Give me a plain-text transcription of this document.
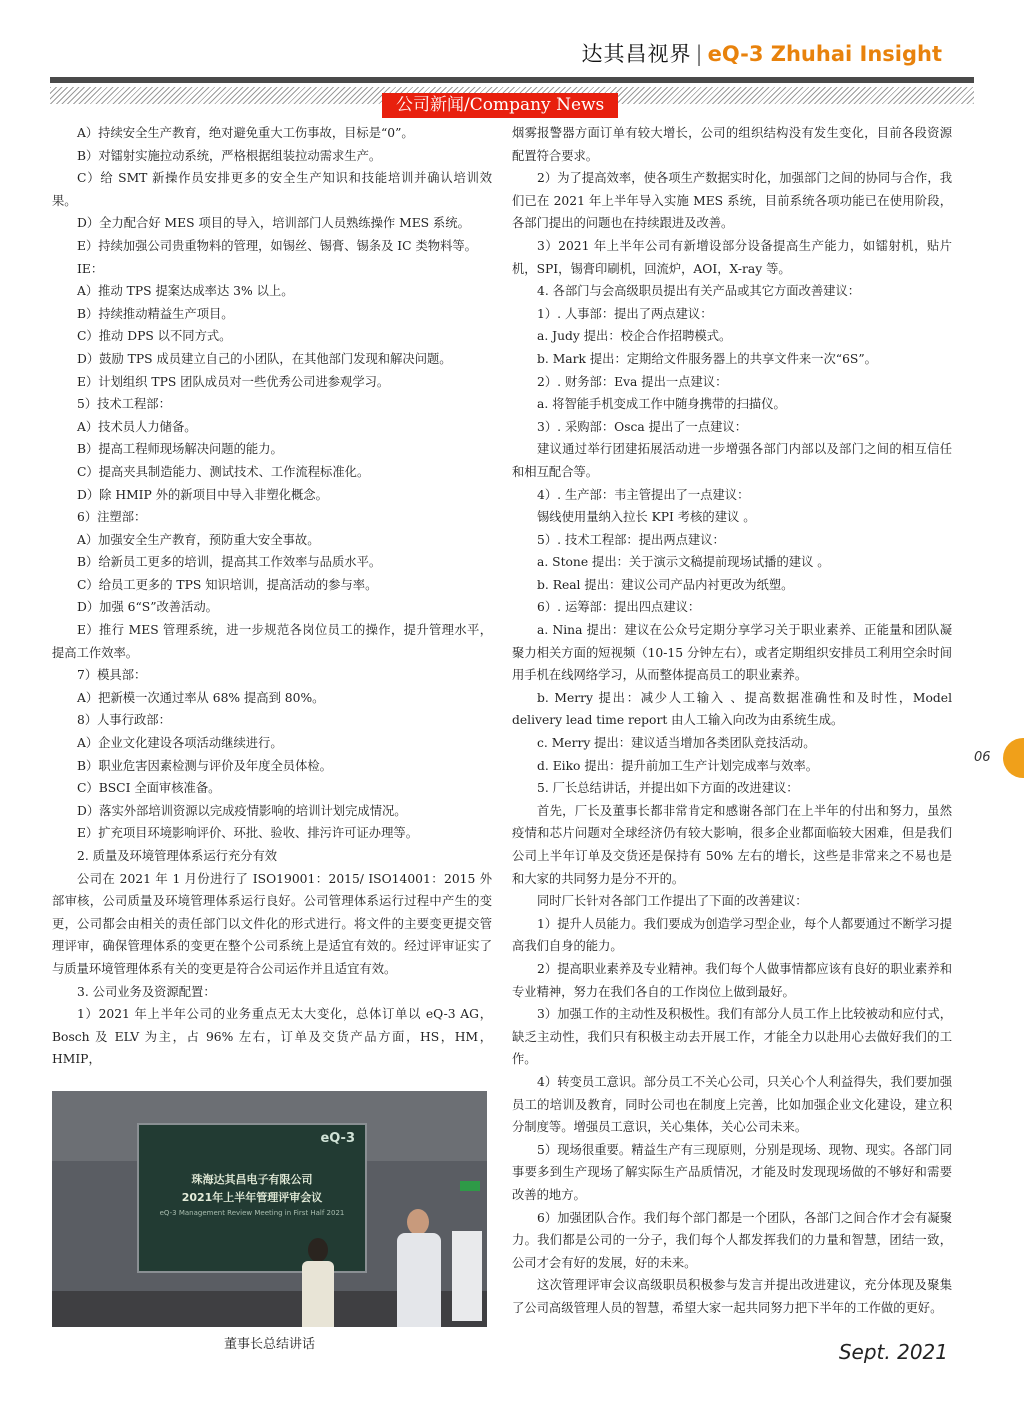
达其昌视界 | eQ-3 Zhuhai Insight
公司新闻/Company News

A）持续安全生产教育，绝对避免重大工伤事故，目标是“0”。

B）对镭射实施拉动系统，严格根据组装拉动需求生产。

C）给 SMT 新操作员安排更多的安全生产知识和技能培训并确认培训效果。

D）全力配合好 MES 项目的导入，培训部门人员熟练操作 MES 系统。

E）持续加强公司贵重物料的管理，如锡丝、锡膏、锡条及 IC 类物料等。

IE：

A）推动 TPS 提案达成率达 3% 以上。

B）持续推动精益生产项目。

C）推动 DPS 以不同方式。

D）鼓励 TPS 成员建立自己的小团队，在其他部门发现和解决问题。

E）计划组织 TPS 团队成员对一些优秀公司进参观学习。

5）技术工程部：

A）技术员人力储备。

B）提高工程师现场解决问题的能力。

C）提高夹具制造能力、测试技术、工作流程标准化。

D）除 HMIP 外的新项目中导入非塑化概念。

6）注塑部：

A）加强安全生产教育，预防重大安全事故。

B）给新员工更多的培训，提高其工作效率与品质水平。

C）给员工更多的 TPS 知识培训，提高活动的参与率。

D）加强 6“S”改善活动。

E）推行 MES 管理系统，进一步规范各岗位员工的操作，提升管理水平，提高工作效率。

7）模具部：

A）把新模一次通过率从 68% 提高到 80%。

8）人事行政部：

A）企业文化建设各项活动继续进行。

B）职业危害因素检测与评价及年度全员体检。

C）BSCI 全面审核准备。

D）落实外部培训资源以完成疫情影响的培训计划完成情况。

E）扩充项目环境影响评价、环批、验收、排污许可证办理等。

2. 质量及环境管理体系运行充分有效

公司在 2021 年 1 月份进行了 ISO19001：2015/ ISO14001：2015 外部审核，公司质量及环境管理体系运行良好。公司管理体系运行过程中产生的变更，公司都会由相关的责任部门以文件化的形式进行。将文件的主要变更提交管理评审，确保管理体系的变更在整个公司系统上是适宜有效的。经过评审证实了与质量环境管理体系有关的变更是符合公司运作并且适宜有效。

3. 公司业务及资源配置：

1）2021 年上半年公司的业务重点无太大变化，总体订单以 eQ-3 AG，Bosch 及 ELV 为主，占 96% 左右，订单及交货产品方面，HS，HM，HMIP，

烟雾报警器方面订单有较大增长，公司的组织结构没有发生变化，目前各段资源配置符合要求。

2）为了提高效率，使各项生产数据实时化，加强部门之间的协同与合作，我们已在 2021 年上半年导入实施 MES 系统，目前系统各项功能已在使用阶段，各部门提出的问题也在持续跟进及改善。

3）2021 年上半年公司有新增设部分设备提高生产能力，如镭射机，贴片机，SPI，锡膏印刷机，回流炉，AOI，X-ray 等。

4. 各部门与会高级职员提出有关产品或其它方面改善建议：

1）. 人事部：提出了两点建议：

a. Judy 提出：校企合作招聘模式。

b. Mark 提出：定期给文件服务器上的共享文件来一次“6S”。

2）. 财务部：Eva 提出一点建议：

a. 将智能手机变成工作中随身携带的扫描仪。

3）. 采购部：Osca 提出了一点建议：

建议通过举行团建拓展活动进一步增强各部门内部以及部门之间的相互信任和相互配合等。

4）. 生产部：韦主管提出了一点建议：

锡线使用量纳入拉长 KPI 考核的建议 。

5）. 技术工程部：提出两点建议：

a. Stone 提出：关于演示文稿提前现场试播的建议 。

b. Real 提出：建议公司产品内衬更改为纸塑。

6）. 运筹部：提出四点建议：

a. Nina 提出：建议在公众号定期分享学习关于职业素养、正能量和团队凝聚力相关方面的短视频（10-15 分钟左右），或者定期组织安排员工利用空余时间用手机在线网络学习，从而整体提高员工的职业素养。

b. Merry 提出：减少人工输入 、提高数据准确性和及时性，Model delivery lead time report 由人工输入向改为由系统生成。

c. Merry 提出：建议适当增加各类团队竞技活动。

d. Eiko 提出：提升前加工生产计划完成率与效率。

5. 厂长总结讲话，并提出如下方面的改进建议：

首先，厂长及董事长都非常肯定和感谢各部门在上半年的付出和努力，虽然疫情和芯片问题对全球经济仍有较大影响，很多企业都面临较大困难，但是我们公司上半年订单及交货还是保持有 50% 左右的增长，这些是非常来之不易也是和大家的共同努力是分不开的。

同时厂长针对各部门工作提出了下面的改善建议：

1）提升人员能力。我们要成为创造学习型企业，每个人都要通过不断学习提高我们自身的能力。

2）提高职业素养及专业精神。我们每个人做事情都应该有良好的职业素养和专业精神，努力在我们各自的工作岗位上做到最好。

3）加强工作的主动性及积极性。我们有部分人员工作上比较被动和应付式，缺乏主动性，我们只有积极主动去开展工作，才能全力以赴用心去做好我们的工作。

4）转变员工意识。部分员工不关心公司，只关心个人利益得失，我们要加强员工的培训及教育，同时公司也在制度上完善，比如加强企业文化建设，建立积分制度等。增强员工意识，关心集体，关心公司未来。

5）现场很重要。精益生产有三现原则，分别是现场、现物、现实。各部门同事要多到生产现场了解实际生产品质情况，才能及时发现现场做的不够好和需要改善的地方。

6）加强团队合作。我们每个部门都是一个团队，各部门之间合作才会有凝聚力。我们都是公司的一分子，我们每个人都发挥我们的力量和智慧，团结一致，公司才会有好的发展，好的未来。

这次管理评审会议高级职员积极参与发言并提出改进建议，充分体现及聚集了公司高级管理人员的智慧，希望大家一起共同努力把下半年的工作做的更好。

eQ-3
珠海达其昌电子有限公司
2021年上半年管理评审会议
eQ-3 Management Review Meeting in First Half 2021
董事长总结讲话
06
Sept. 2021
